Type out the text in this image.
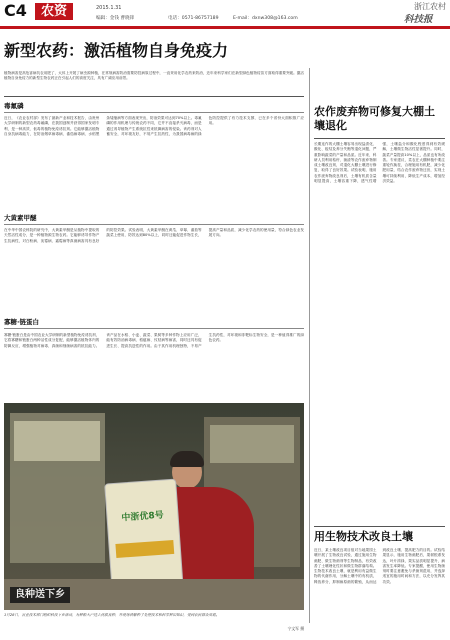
C4	农资	2015.1.31
编辑：金钱 曹晓锋	电话：0571-86757189	E-mail：dxnw308@163.com
浙江农村
科技报
新型农药：激活植物自身免疫力
植物病害是高危害病坑农用肥了，大体上开展了病虫源种植，在常规病害防治需要防控病原过程中，一直采用化学农药来防治，近年来科学家们在新型绿色植物疫苗方面取得重要突破。激活植物自身免疫力的新型生物农药正在引起人们的高度关注，具有广阔应用前景。
毒氟磷
近日，《农业农村部》发布了最新产业和技术报告，由贵州大学研制的新型农药毒氟磷，在我国创制并获得国家发明专利，是一种高效、低毒的植物免疫诱抗剂。它能够激活植物自身抗病毒能力，在防治烟草病毒病、番茄病毒病、水稻黑条矮缩病等方面表现突出，防治效果可达到70%以上。毒氟磷的作用机理与传统农药不同，它并不直接杀灭病毒，而是通过诱导植物产生系统抗性来抵御病害的侵染。该药剂对人畜安全，对环境友好，不易产生抗药性，为我国病毒病的绿色防控提供了有力技术支撑，已在多个省份大面积推广应用。
大黄素甲醚
在中华中国农科院的研究中，大黄素甲醚是从植物中提取的天然活性成分，是一种植物源生物农药。它能够诱导作物产生抗病性，对白粉病、灰霉病、霜霉病等真菌病害具有良好的防控效果。试验表明，大黄素甲醚在黄瓜、草莓、番茄等蔬菜上使用，防效达到80%以上，同时还能促进作物生长，提高产量和品质，减少化学农药的使用量，符合绿色农业发展方向。
寡糖·链蛋白
寡糖·链蛋白是由中国农业大学研制的新型植物免疫诱抗剂，它将寡糖和链蛋白两种活性成分复配，能够激活植物体内的防御反应，增强植物对病毒、真菌和细菌病害的抵抗能力。该产品在水稻、小麦、蔬菜、果树等多种作物上应用广泛，能有效防治病毒病、稻瘟病、纹枯病等病害，同时还具有促进生长、提高抗逆性的作用。由于其作用机理独特，不易产生抗药性，对环境和非靶标生物安全，是一种值得推广的绿色农药。
中浙优8号
良种送下乡
1月28日，农业技术部门组织科技下乡活动，为种粮大户送去优质良种，并现场讲解种子处理技术和科学种田知识，受到农民群众欢迎。
宁文军 摄
农作废弃物可修复大棚土壤退化
长期连作的大棚土壤容易出现盐渍化、酸化、板结及养分失衡等退化问题，严重影响蔬菜的产量和品质。近年来，科研人员利用秸秆、菌渣等农作废弃物制成土壤改良剂，对退化大棚土壤进行修复，取得了良好效果。试验表明，施用农作废弃物改良剂后，土壤有机质含量明显提高，土壤容重下降，透气性增强，土壤盐分和酸化程度得到有效缓解，土壤微生物活性显著提升。同时，蔬菜产量提高10%以上，品质也有所改善。专家建议，菜农在大棚种植中要注重轮作换茬，合理施用有机肥，减少化肥用量，结合农作废弃物还田，实现土壤可持续利用，降低生产成本，增加经济效益。
用生物技术改良土壤
近日，某土壤改良项目组对当地果园土壤开展了生物改良试验，通过施用生物菌肥、微生物菌剂等生物制品，有效改善了土壤理化性状和微生物群落结构。生物技术改良土壤，就是利用有益微生物的代谢作用，分解土壤中的有机质，释放养分，抑制病原菌的繁殖，从而达到改良土壤、提高肥力的目的。试验结果显示，施用生物菌肥后，果树根系发达，叶片浓绿，果实品质明显提升，病害发生率降低。专家提醒，使用生物菌剂时要注意避免与杀菌剂混用，并选择适宜的施用时间和方法，以充分发挥其功效。
